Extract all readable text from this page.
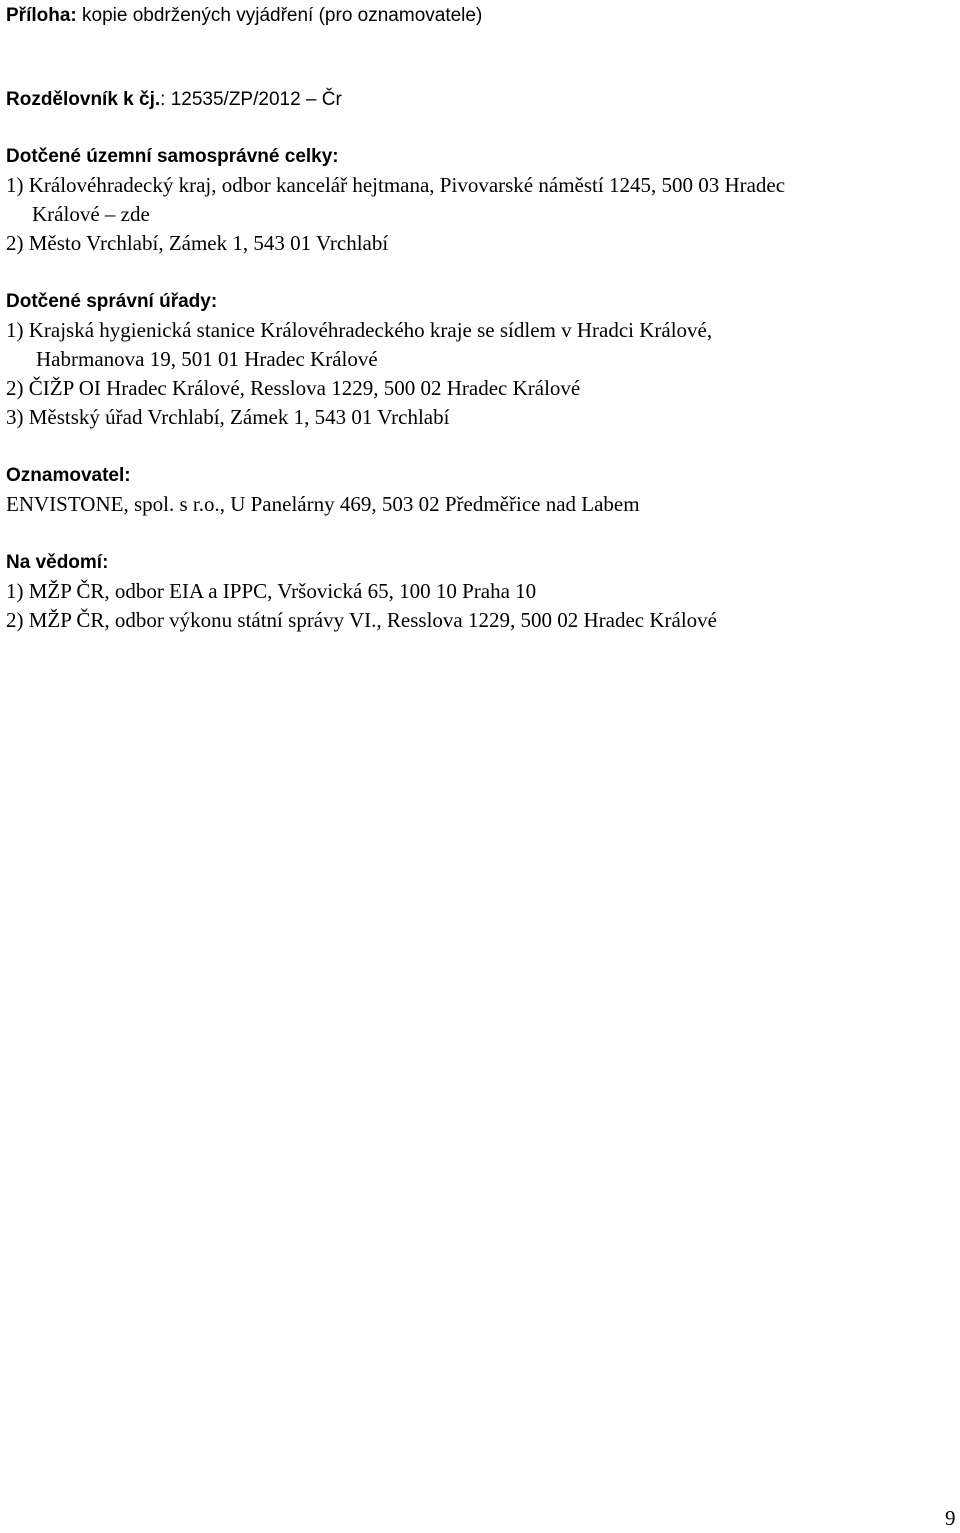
Příloha: kopie obdržených vyjádření (pro oznamovatele)
Rozdělovník k čj.: 12535/ZP/2012 – Čr
Dotčené územní samosprávné celky:
1) Královéhradecký kraj, odbor kancelář hejtmana, Pivovarské náměstí 1245, 500 03 Hradec
Králové – zde
2) Město Vrchlabí, Zámek 1, 543 01 Vrchlabí
Dotčené správní úřady:
1) Krajská hygienická stanice Královéhradeckého kraje se sídlem v Hradci Králové,
Habrmanova 19, 501 01 Hradec Králové
2) ČIŽP OI Hradec Králové, Resslova 1229, 500 02 Hradec Králové
3) Městský úřad Vrchlabí, Zámek 1, 543 01 Vrchlabí
Oznamovatel:
ENVISTONE, spol. s r.o., U Panelárny 469, 503 02 Předměřice nad Labem
Na vědomí:
1) MŽP ČR, odbor EIA a IPPC, Vršovická 65, 100 10 Praha 10
2) MŽP ČR, odbor výkonu státní správy VI., Resslova 1229, 500 02 Hradec Králové
9
